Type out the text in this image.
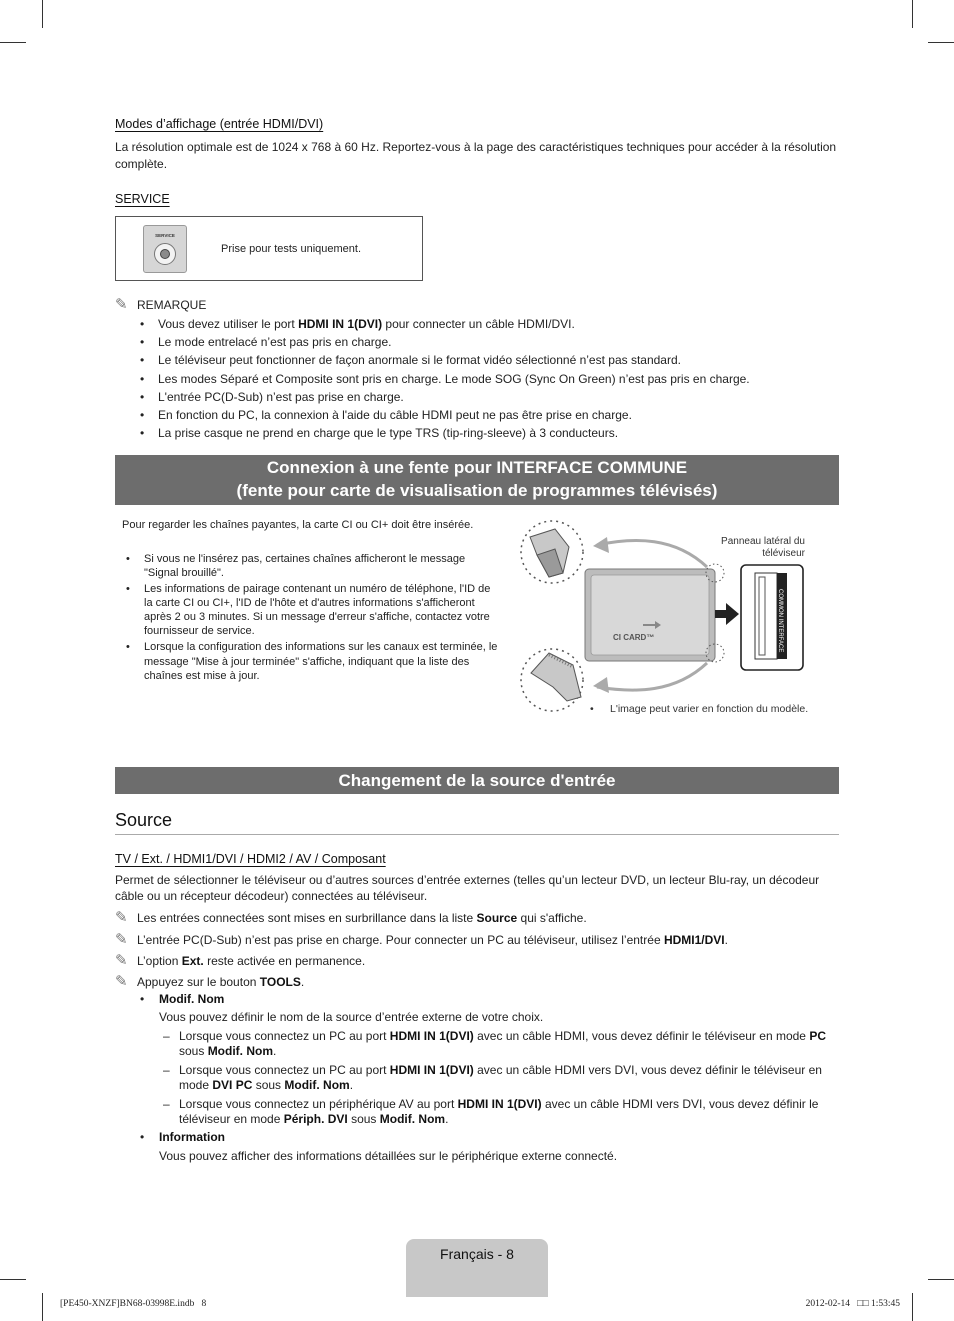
Modes d’affichage (entrée HDMI/DVI)
La résolution optimale est de 1024 x 768 à 60 Hz. Reportez-vous à la page des caractéristiques techniques pour accéder à la résolution complète.
SERVICE
SERVICE
Prise pour tests uniquement.
✎ REMARQUE
• Vous devez utiliser le port HDMI IN 1(DVI) pour connecter un câble HDMI/DVI.
• Le mode entrelacé n’est pas pris en charge.
• Le téléviseur peut fonctionner de façon anormale si le format vidéo sélectionné n’est pas standard.
• Les modes Séparé et Composite sont pris en charge. Le mode SOG (Sync On Green) n’est pas pris en charge.
• L'entrée PC(D-Sub) n’est pas prise en charge.
• En fonction du PC, la connexion à l'aide du câble HDMI peut ne pas être prise en charge.
• La prise casque ne prend en charge que le type TRS (tip-ring-sleeve) à 3 conducteurs.
Connexion à une fente pour INTERFACE COMMUNE
(fente pour carte de visualisation de programmes télévisés)
Pour regarder les chaînes payantes, la carte CI ou CI+ doit être insérée.
• Si vous ne l'insérez pas, certaines chaînes afficheront le message "Signal brouillé".
• Les informations de pairage contenant un numéro de téléphone, l'ID de la carte CI ou CI+, l'ID de l'hôte et d'autres informations s'afficheront après 2 ou 3 minutes. Si un message d'erreur s'affiche, contactez votre fournisseur de service.
• Lorsque la configuration des informations sur les canaux est terminée, le message "Mise à jour terminée" s'affiche, indiquant que la liste des chaînes est mise à jour.
CI CARD™	COMMON INTERFACE
Panneau latéral du téléviseur
• L'image peut varier en fonction du modèle.
Changement de la source d'entrée
Source
TV / Ext. / HDMI1/DVI / HDMI2 / AV / Composant
Permet de sélectionner le téléviseur ou d’autres sources d’entrée externes (telles qu’un lecteur DVD, un lecteur Blu-ray, un décodeur câble ou un récepteur décodeur) connectées au téléviseur.
✎ Les entrées connectées sont mises en surbrillance dans la liste Source qui s'affiche.
✎ L’entrée PC(D-Sub) n’est pas prise en charge. Pour connecter un PC au téléviseur, utilisez l’entrée HDMI1/DVI.
✎ L’option Ext. reste activée en permanence.
✎ Appuyez sur le bouton TOOLS.
• Modif. Nom
Vous pouvez définir le nom de la source d’entrée externe de votre choix.
– Lorsque vous connectez un PC au port HDMI IN 1(DVI) avec un câble HDMI, vous devez définir le téléviseur en mode PC sous Modif. Nom.
– Lorsque vous connectez un PC au port HDMI IN 1(DVI) avec un câble HDMI vers DVI, vous devez définir le téléviseur en mode DVI PC sous Modif. Nom.
– Lorsque vous connectez un périphérique AV au port HDMI IN 1(DVI) avec un câble HDMI vers DVI, vous devez définir le téléviseur en mode Périph. DVI sous Modif. Nom.
• Information
Vous pouvez afficher des informations détaillées sur le périphérique externe connecté.
Français - 8
[PE450-XNZF]BN68-03998E.indb   8	2012-02-14   □□ 1:53:45
